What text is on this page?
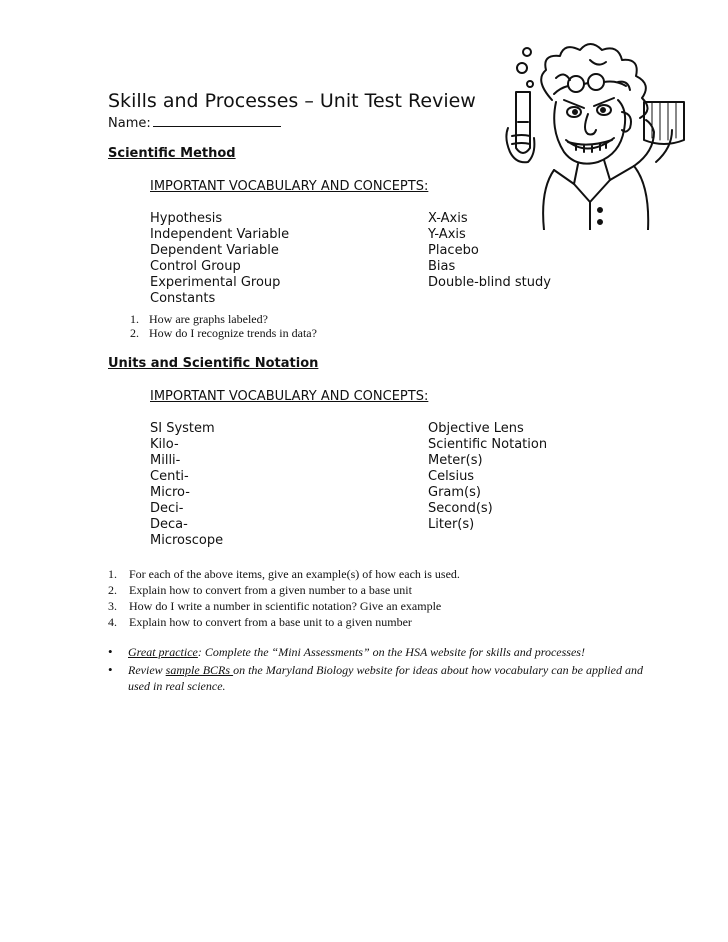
Skills and Processes – Unit Test Review
Name:
Scientific Method
IMPORTANT VOCABULARY AND CONCEPTS:
Hypothesis
Independent Variable
Dependent Variable
Control Group
Experimental Group
Constants
X-Axis
Y-Axis
Placebo
Bias
Double-blind study
1. How are graphs labeled?
2. How do I recognize trends in data?
Units and Scientific Notation
IMPORTANT VOCABULARY AND CONCEPTS:
SI System
Kilo-
Milli-
Centi-
Micro-
Deci-
Deca-
Microscope
Objective Lens
Scientific Notation
Meter(s)
Celsius
Gram(s)
Second(s)
Liter(s)
1.	For each of the above items, give an example(s) of how each is used.
2.	Explain how to convert from a given number to a base unit
3.	How do I write a number in scientific notation? Give an example
4.	Explain how to convert from a base unit to a given number
• Great practice: Complete the “Mini Assessments” on the HSA website for skills and processes!
• Review sample BCRs on the Maryland Biology website for ideas about how vocabulary can be applied and used in real science.
